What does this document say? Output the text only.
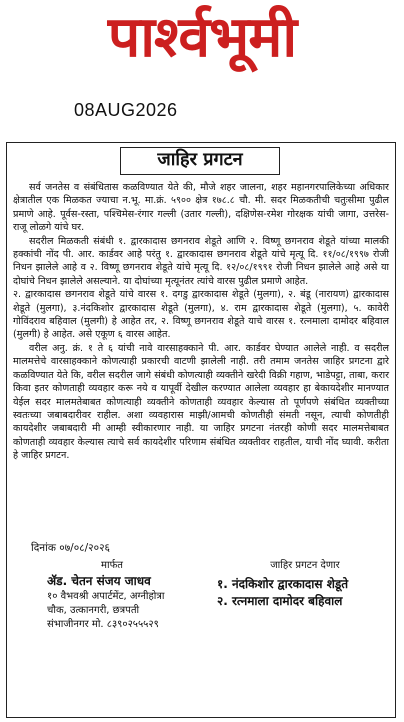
पार्श्वभूमी
08AUG2026
जाहिर प्रगटन

सर्व जनतेस व संबंधितास कळविण्यात येते की, मौजे शहर जालना, शहर महानगरपालिकेच्या अधिकार क्षेत्रातील एक मिळकत ज्याचा न.भू. मा.क्रं. ५९०० क्षेत्र १७८.८ चौ. मी. सदर मिळकतीची चतुःसीमा पुढील प्रमाणे आहे. पूर्वस-रस्ता, पश्चिमेस-रंगार गल्ली (उतार गल्ली), दक्षिणेस-रमेश गोरक्षक यांची जागा, उत्तरेस-राजू लोळगे यांचे घर.

सदरील मिळकती संबंधी १. द्वारकादास छगनराव शेडूते आणि २. विष्णू छगनराव शेडूते यांच्या मालकी हक्कांची नोंद पी. आर. कार्डवर आहे परंतु १. द्वारकादास छगनराव शेडूते यांचे मृत्यू दि. ११/०८/१९९७ रोजी निधन झालेले आहे व २. विष्णू छगनराव शेडूते यांचे मृत्यू दि. १२/०८/१९९१ रोजी निधन झालेले आहे असे या दोघांचे निधन झालेले असल्याने. या दोघांच्या मृत्यूनंतर त्यांचे वारस पुढील प्रमाणे आहेत.

२. द्वारकादास छगनराव शेडूते यांचे वारस १. दगडु द्वारकादास शेडूते (मुलगा), २. बंडू (नारायण) द्वारकादास शेडूते (मुलगा), ३.नंदकिशोर द्वारकादास शेडूते (मुलगा), ४. राम द्वारकादास शेडूते (मुलगा), ५. कावेरी गोविंदराव बहिवाल (मुलगी) हे आहेत तर, २. विष्णू छगनराव शेडूते याचे वारस १. रत्नमाला दामोदर बहिवाल (मुलगी) हे आहेत. असे एकूण ६ वारस आहेत.

वरील अनु. क्रं. १ ते ६ यांची नावे वारसाहक्काने पी. आर. कार्डवर घेण्यात आलेले नाही. व सदरील मालमत्तेचे वारसाहक्काने कोणत्याही प्रकारची वाटणी झालेली नाही. तरी तमाम जनतेस जाहिर प्रगटना द्वारे कळविण्यात येते कि, वरील सदरील जागे संबंधी कोणत्याही व्यक्तीने खरेदी विक्री गहाण, भाडेपट्टा, ताबा, करार किवा इतर कोणताही व्यवहार करू नये व यापूर्वी देखील करण्यात आलेला व्यवहार हा बेकायदेशीर मानण्यात येईल सदर मालमतेबाबत कोणत्याही व्यक्तीने कोणताही व्यवहार केल्यास तो पूर्णपणे संबंधित व्यक्तीच्या स्वतःच्या जबाबदारीवर राहील. अशा व्यवहारास माझी/आमची कोणतीही संमती नसून, त्याची कोणतीही कायदेशीर जबाबदारी मी आम्ही स्वीकारणार नाही. या जाहिर प्रगटना नंतरही कोणी सदर मालमत्तेबाबत कोणताही व्यवहार केल्यास त्याचे सर्व कायदेशीर परिणाम संबंधित व्यक्तीवर राहतील, याची नोंद घ्यावी. करीता हे जाहिर प्रगटन.

दिनांक ०७/०८/२०२६
मार्फत
ॲड. चेतन संजय जाधव
१० वैभवश्री अपार्टमेंट, अग्नीहोत्रा
चौक, उत्कानगरी, छत्रपती
संभाजीनगर मो. ८३९०२५५५२९
जाहिर प्रगटन देणार
१. नंदकिशोर द्वारकादास शेडूते
२. रत्नमाला दामोदर बहिवाल
